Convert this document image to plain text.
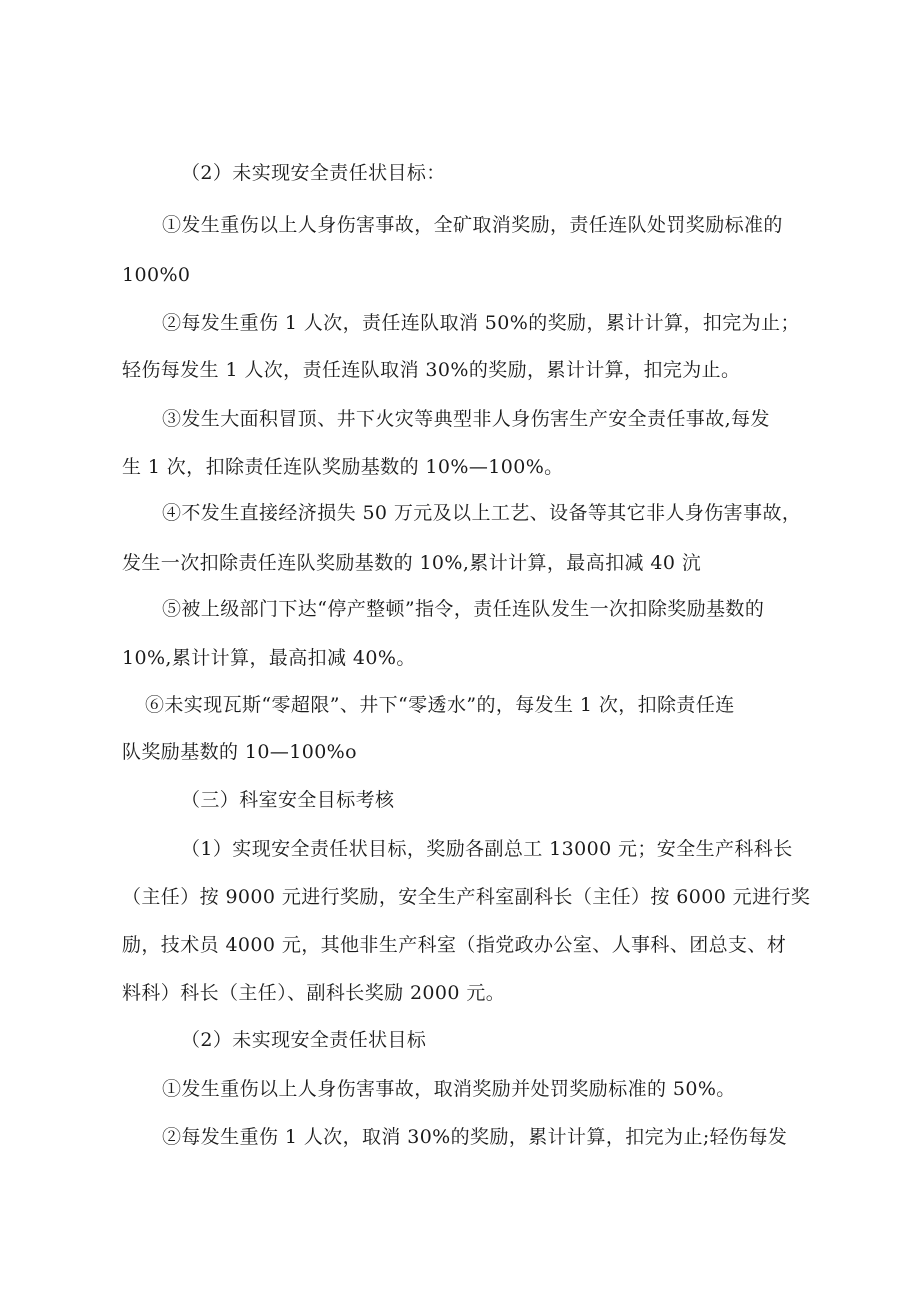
（2）未实现安全责任状目标：
①发生重伤以上人身伤害事故，全矿取消奖励，责任连队处罚奖励标准的
100%0
②每发生重伤 1 人次，责任连队取消 50%的奖励，累计计算，扣完为止；
轻伤每发生 1 人次，责任连队取消 30%的奖励，累计计算，扣完为止。
③发生大面积冒顶、井下火灾等典型非人身伤害生产安全责任事故,每发
生 1 次，扣除责任连队奖励基数的 10%—100%。
④不发生直接经济损失 50 万元及以上工艺、设备等其它非人身伤害事故，
发生一次扣除责任连队奖励基数的 10%,累计计算，最高扣减 40 沆
⑤被上级部门下达“停产整顿”指令，责任连队发生一次扣除奖励基数的
10%,累计计算，最高扣减 40%。
⑥未实现瓦斯“零超限”、井下“零透水”的，每发生 1 次，扣除责任连
队奖励基数的 10—100%o
（三）科室安全目标考核
（1）实现安全责任状目标，奖励各副总工 13000 元；安全生产科科长
（主任）按 9000 元进行奖励，安全生产科室副科长（主任）按 6000 元进行奖
励，技术员 4000 元，其他非生产科室（指党政办公室、人事科、团总支、材
料科）科长（主任）、副科长奖励 2000 元。
（2）未实现安全责任状目标
①发生重伤以上人身伤害事故，取消奖励并处罚奖励标准的 50%。
②每发生重伤 1 人次，取消 30%的奖励，累计计算，扣完为止;轻伤每发
